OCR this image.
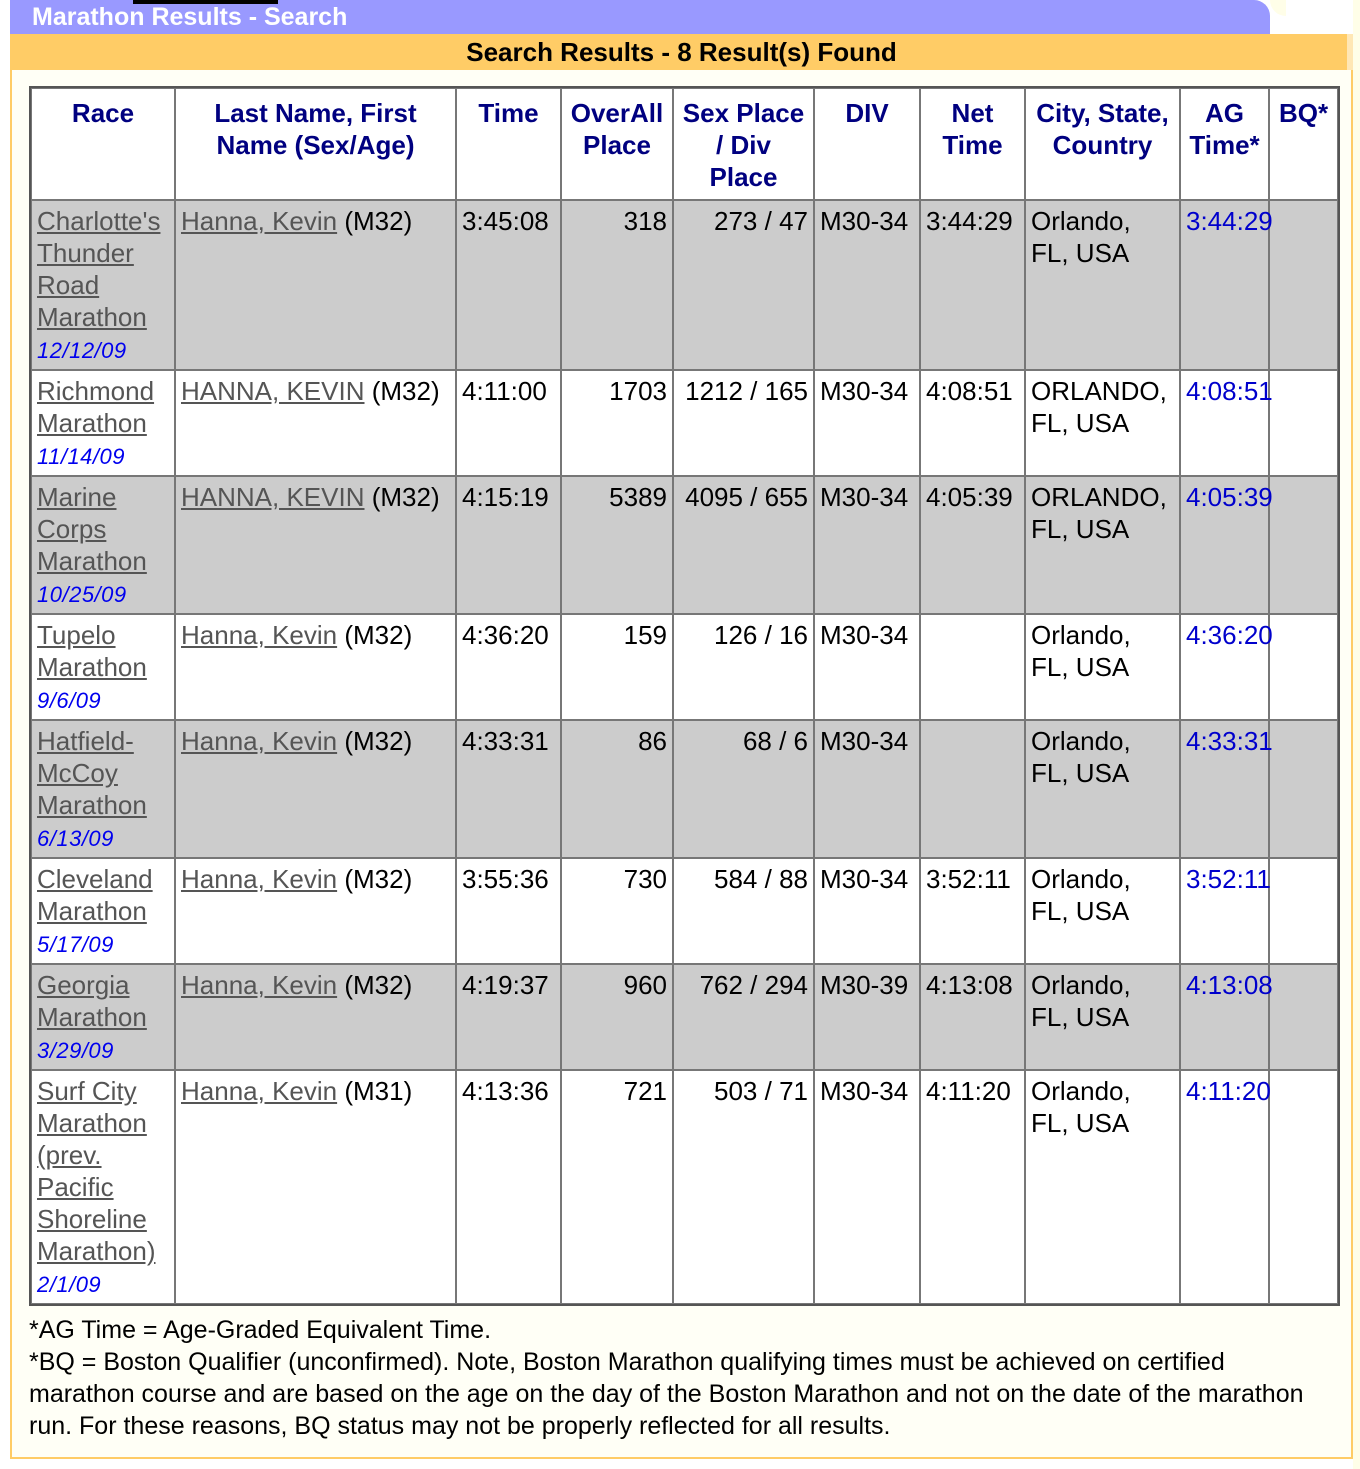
Marathon Results - Search
Search Results - 8 Result(s) Found
Race	Last Name, First Name (Sex/Age)	Time	OverAll Place	Sex Place / Div Place	DIV	Net Time	City, State, Country	AG Time*	BQ*
Charlotte's Thunder Road Marathon
12/12/09	Hanna, Kevin (M32)	3:45:08	318	273 / 47	M30-34	3:44:29	Orlando, FL, USA	3:44:29	
Richmond Marathon
11/14/09	HANNA, KEVIN (M32)	4:11:00	1703	1212 / 165	M30-34	4:08:51	ORLANDO, FL, USA	4:08:51	
Marine Corps Marathon
10/25/09	HANNA, KEVIN (M32)	4:15:19	5389	4095 / 655	M30-34	4:05:39	ORLANDO, FL, USA	4:05:39	
Tupelo Marathon
9/6/09	Hanna, Kevin (M32)	4:36:20	159	126 / 16	M30-34		Orlando, FL, USA	4:36:20	
Hatfield-McCoy Marathon
6/13/09	Hanna, Kevin (M32)	4:33:31	86	68 / 6	M30-34		Orlando, FL, USA	4:33:31	
Cleveland Marathon
5/17/09	Hanna, Kevin (M32)	3:55:36	730	584 / 88	M30-34	3:52:11	Orlando, FL, USA	3:52:11	
Georgia Marathon
3/29/09	Hanna, Kevin (M32)	4:19:37	960	762 / 294	M30-39	4:13:08	Orlando, FL, USA	4:13:08	
Surf City Marathon (prev. Pacific Shoreline Marathon)
2/1/09	Hanna, Kevin (M31)	4:13:36	721	503 / 71	M30-34	4:11:20	Orlando, FL, USA	4:11:20	

*AG Time = Age-Graded Equivalent Time.

*BQ = Boston Qualifier (unconfirmed). Note, Boston Marathon qualifying times must be achieved on certified marathon course and are based on the age on the day of the Boston Marathon and not on the date of the marathon run. For these reasons, BQ status may not be properly reflected for all results.
